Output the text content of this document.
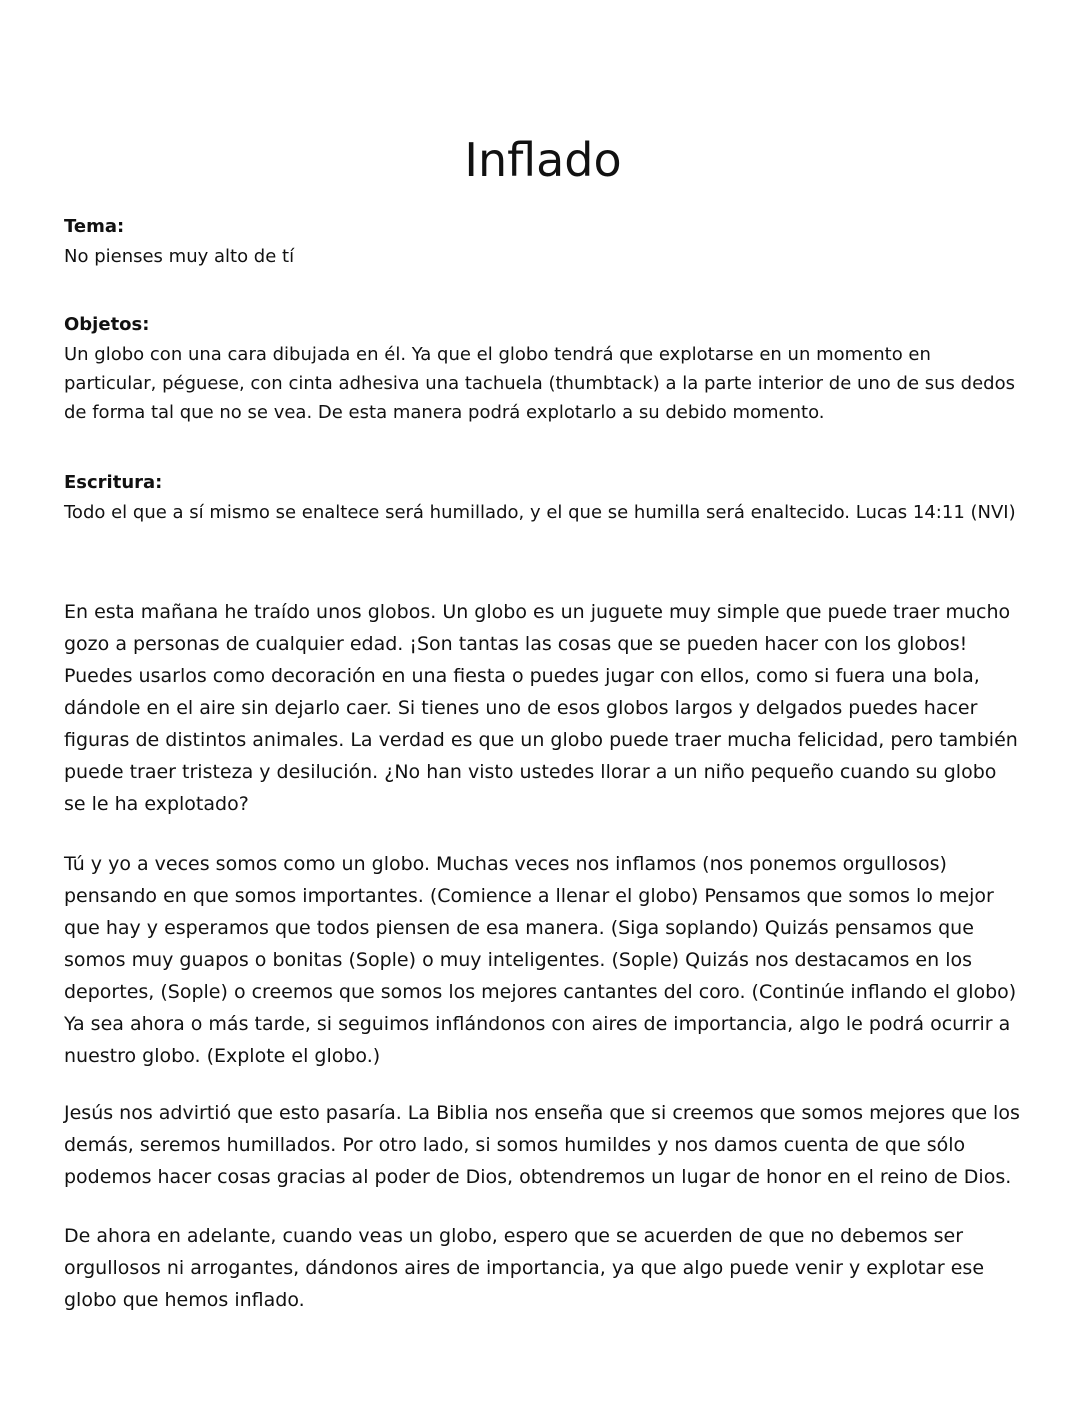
Inflado

Tema:

No pienses muy alto de tí

Objetos:

Un globo con una cara dibujada en él. Ya que el globo tendrá que explotarse en un momento en particular, péguese, con cinta adhesiva una tachuela (thumbtack) a la parte interior de uno de sus dedos de forma tal que no se vea. De esta manera podrá explotarlo a su debido momento.

Escritura:

Todo el que a sí mismo se enaltece será humillado, y el que se humilla será enaltecido. Lucas 14:11 (NVI)

En esta mañana he traído unos globos. Un globo es un juguete muy simple que puede traer mucho gozo a personas de cualquier edad. ¡Son tantas las cosas que se pueden hacer con los globos! Puedes usarlos como decoración en una fiesta o puedes jugar con ellos, como si fuera una bola, dándole en el aire sin dejarlo caer. Si tienes uno de esos globos largos y delgados puedes hacer figuras de distintos animales. La verdad es que un globo puede traer mucha felicidad, pero también puede traer tristeza y desilución. ¿No han visto ustedes llorar a un niño pequeño cuando su globo se le ha explotado?

Tú y yo a veces somos como un globo. Muchas veces nos inflamos (nos ponemos orgullosos) pensando en que somos importantes. (Comience a llenar el globo) Pensamos que somos lo mejor que hay y esperamos que todos piensen de esa manera. (Siga soplando) Quizás pensamos que somos muy guapos o bonitas (Sople) o muy inteligentes. (Sople) Quizás nos destacamos en los deportes, (Sople) o creemos que somos los mejores cantantes del coro. (Continúe inflando el globo) Ya sea ahora o más tarde, si seguimos inflándonos con aires de importancia, algo le podrá ocurrir a nuestro globo. (Explote el globo.)

Jesús nos advirtió que esto pasaría. La Biblia nos enseña que si creemos que somos mejores que los demás, seremos humillados. Por otro lado, si somos humildes y nos damos cuenta de que sólo podemos hacer cosas gracias al poder de Dios, obtendremos un lugar de honor en el reino de Dios.

De ahora en adelante, cuando veas un globo, espero que se acuerden de que no debemos ser orgullosos ni arrogantes, dándonos aires de importancia, ya que algo puede venir y explotar ese globo que hemos inflado.
